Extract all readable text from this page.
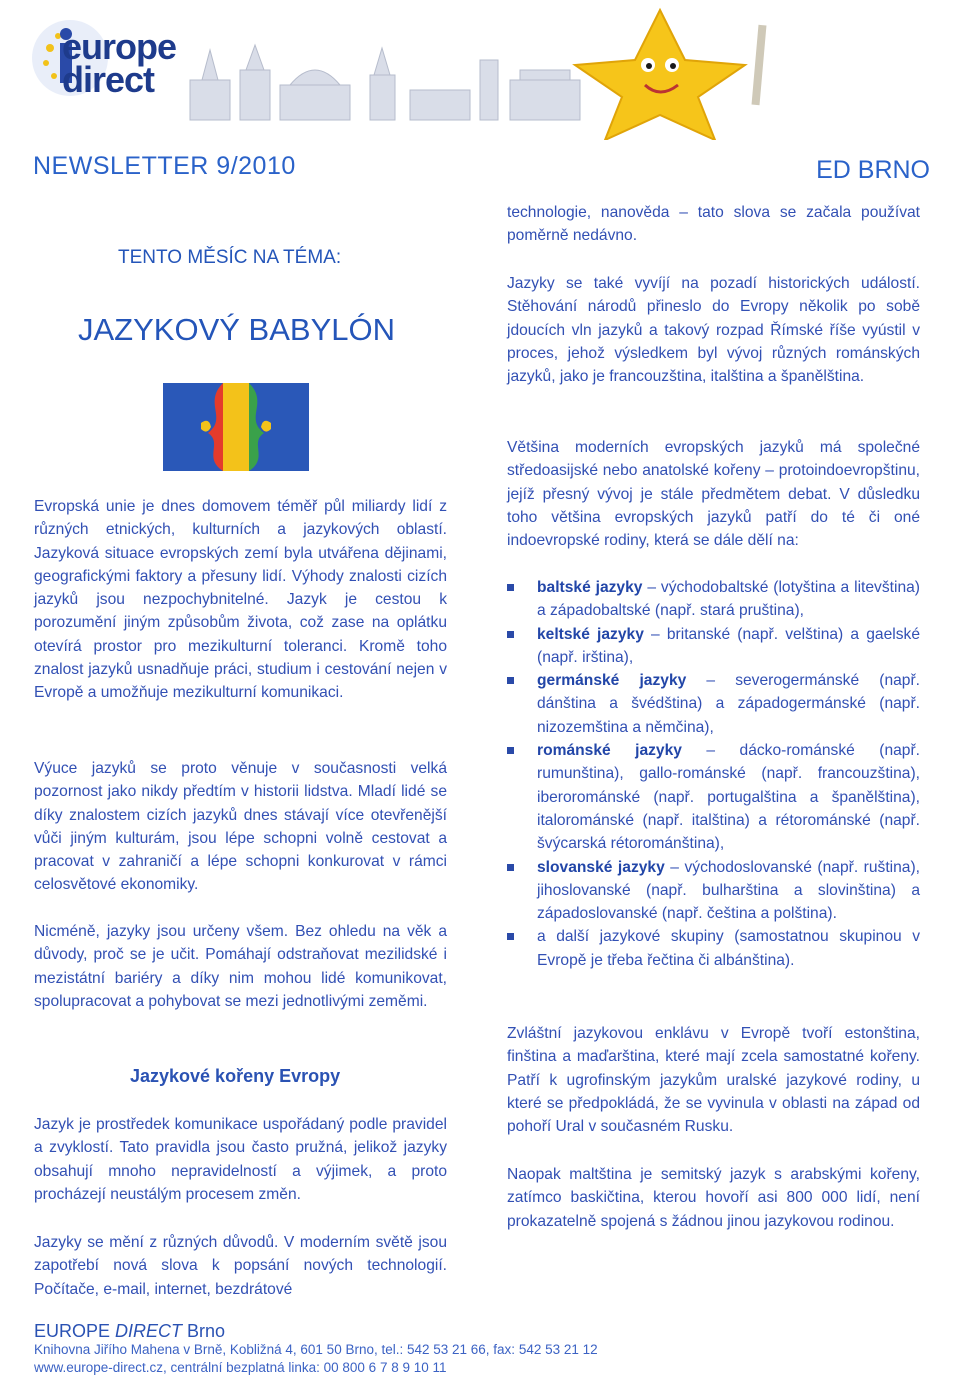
europe
direct
NEWSLETTER 9/2010	ED BRNO
TENTO MĚSÍC NA TÉMA:
JAZYKOVÝ BABYLÓN
Evropská unie je dnes domovem téměř půl miliardy lidí z různých etnických, kulturních a jazykových oblastí. Jazyková situace evropských zemí byla utvářena dějinami, geografickými faktory a přesuny lidí. Výhody znalosti cizích jazyků jsou nezpochybnitelné. Jazyk je cestou k porozumění jiným způsobům života, což zase na oplátku otevírá prostor pro mezikulturní toleranci. Kromě toho znalost jazyků usnadňuje práci, studium i cestování nejen v Evropě a umožňuje mezikulturní komunikaci.
Výuce jazyků se proto věnuje v současnosti velká pozornost jako nikdy předtím v historii lidstva. Mladí lidé se díky znalostem cizích jazyků dnes stávají více otevřenější vůči jiným kulturám, jsou lépe schopni volně cestovat a pracovat v zahraničí a lépe schopni konkurovat v rámci celosvětové ekonomiky.
Nicméně, jazyky jsou určeny všem. Bez ohledu na věk a důvody, proč se je učit. Pomáhají odstraňovat mezilidské i mezistátní bariéry a díky nim mohou lidé komunikovat, spolupracovat a pohybovat se mezi jednotlivými zeměmi.
Jazykové kořeny Evropy
Jazyk je prostředek komunikace uspořádaný podle pravidel a zvyklostí. Tato pravidla jsou často pružná, jelikož jazyky obsahují mnoho nepravidelností a výjimek, a proto procházejí neustálým procesem změn.
Jazyky se mění z různých důvodů. V moderním světě jsou zapotřebí nová slova k popsání nových technologií. Počítače, e-mail, internet, bezdrátové
technologie, nanověda – tato slova se začala používat poměrně nedávno.
Jazyky se také vyvíjí na pozadí historických událostí. Stěhování národů přineslo do Evropy několik po sobě jdoucích vln jazyků a takový rozpad Římské říše vyústil v proces, jehož výsledkem byl vývoj různých románských jazyků, jako je francouzština, italština a španělština.
Většina moderních evropských jazyků má společné středoasijské nebo anatolské kořeny – protoindoevropštinu, jejíž přesný vývoj je stále předmětem debat. V důsledku toho většina evropských jazyků patří do té či oné indoevropské rodiny, která se dále dělí na:
baltské jazyky – východobaltské (lotyština a litevština) a západobaltské (např. stará pruština),
keltské jazyky – britanské (např. velština) a gaelské (např. irština),
germánské jazyky – severogermánské (např. dánština a švédština) a západogermánské (např. nizozemština a němčina),
románské jazyky – dácko-románské (např. rumunština), gallo-románské (např. francouzština), iberorománské (např. portugalština a španělština), italorománské (např. italština) a rétorománské (např. švýcarská rétorománština),
slovanské jazyky – východoslovanské (např. ruština), jihoslovanské (např. bulharština a slovinština) a západoslovanské (např. čeština a polština).
a další jazykové skupiny (samostatnou skupinou v Evropě je třeba řečtina či albánština).
Zvláštní jazykovou enklávu v Evropě tvoří estonština, finština a maďarština, které mají zcela samostatné kořeny. Patří k ugrofinským jazykům uralské jazykové rodiny, u které se předpokládá, že se vyvinula v oblasti na západ od pohoří Ural v současném Rusku.
Naopak maltština je semitský jazyk s arabskými kořeny, zatímco baskičtina, kterou hovoří asi 800 000 lidí, není prokazatelně spojená s žádnou jinou jazykovou rodinou.
EUROPE DIRECT Brno
Knihovna Jiřího Mahena v Brně, Kobližná 4, 601 50 Brno, tel.: 542 53 21 66, fax: 542 53 21 12
www.europe-direct.cz, centrální bezplatná linka: 00 800 6 7 8 9 10 11
